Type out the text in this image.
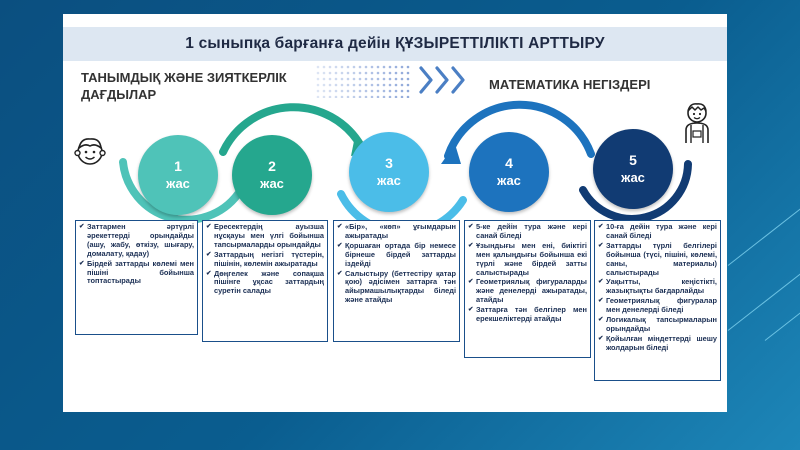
1 сыныпқа барғанға дейін ҚҰЗЫРЕТТІЛІКТІ АРТТЫРУ
ТАНЫМДЫҚ ЖӘНЕ ЗИЯТКЕРЛІК ДАҒДЫЛАР
МАТЕМАТИКА НЕГІЗДЕРІ
1
жас
2
жас
3
жас
4
жас
5
жас
✔ Заттармен әртүрлі әрекеттерді орындайды (ашу, жабу, өткізу, шығару, домалату, қадау)
✔ Бірдей заттарды көлемі мен пішіні бойынша топтастырады
✔ Ересектердің ауызша нұсқауы мен үлгі бойынша тапсырмаларды орындайды
✔ Заттардың негізгі түстерін, пішінін, көлемін ажыратады
✔ Дөңгелек және сопақша пішінге ұқсас заттардың суретін салады
✔ «Бір», «көп» ұғымдарын ажыратады
✔ Қоршаған ортада бір немесе бірнеше бірдей заттарды іздейді
✔ Салыстыру (беттестіру қатар қою) әдісімен заттарға тән айырмашылықтарды біледі және атайды
✔ 5-ке дейін тура және кері санай біледі
✔ Ұзындығы мен ені, биіктігі мен қалыңдығы бойынша екі түрлі және бірдей затты салыстырады
✔ Геометриялық фигураларды және денелерді ажыратады, атайды
✔ Заттарға тән белгілер мен ерекшеліктерді атайды
✔ 10-ға дейін тура және кері санай біледі
✔ Заттарды түрлі белгілері бойынша (түсі, пішіні, көлемі, саны, материалы) салыстырады
✔ Уақытты, кеңістікті, жазықтықты бағдарлайды
✔ Геометриялық фигуралар мен денелерді біледі
✔ Логикалық тапсырмаларын орындайды
✔ Қойылған міндеттерді шешу жолдарын біледі
